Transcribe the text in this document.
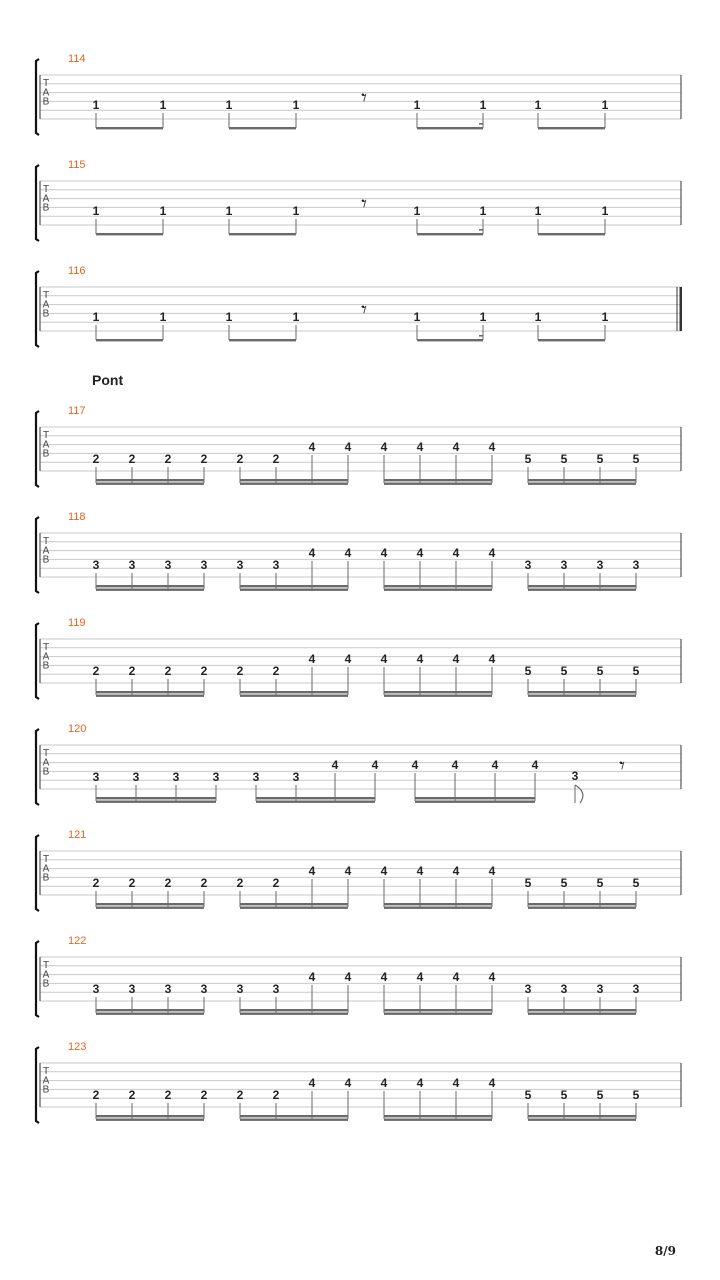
114
T
A
B	1	1	1	1	1	1	1	1
𝄾
115
T
A
B	1	1	1	1	1	1	1	1
𝄾
116
T
A
B	1	1	1	1	1	1	1	1
𝄾
117
T
A
B	2 2 2 2 2 2
4 4 4 4 4 4
5 5 5 5
118
T
A
B	3 3 3 3 3 3
4 4 4 4 4 4
3 3 3 3
119
T
A
B	2 2 2 2 2 2
4 4 4 4 4 4
5 5 5 5
120
T
A
B	3	3	3	3	3	3
4	4	4	4	4	4
3 𝄾
121
T
A
B	2 2 2 2 2 2
4 4 4 4 4 4
5 5 5 5
122
T
A
B	3 3 3 3 3 3
4 4 4 4 4 4
3 3 3 3
123
T
A
B	2 2 2 2 2 2
4 4 4 4 4 4
5 5 5 5
Pont
8/9
